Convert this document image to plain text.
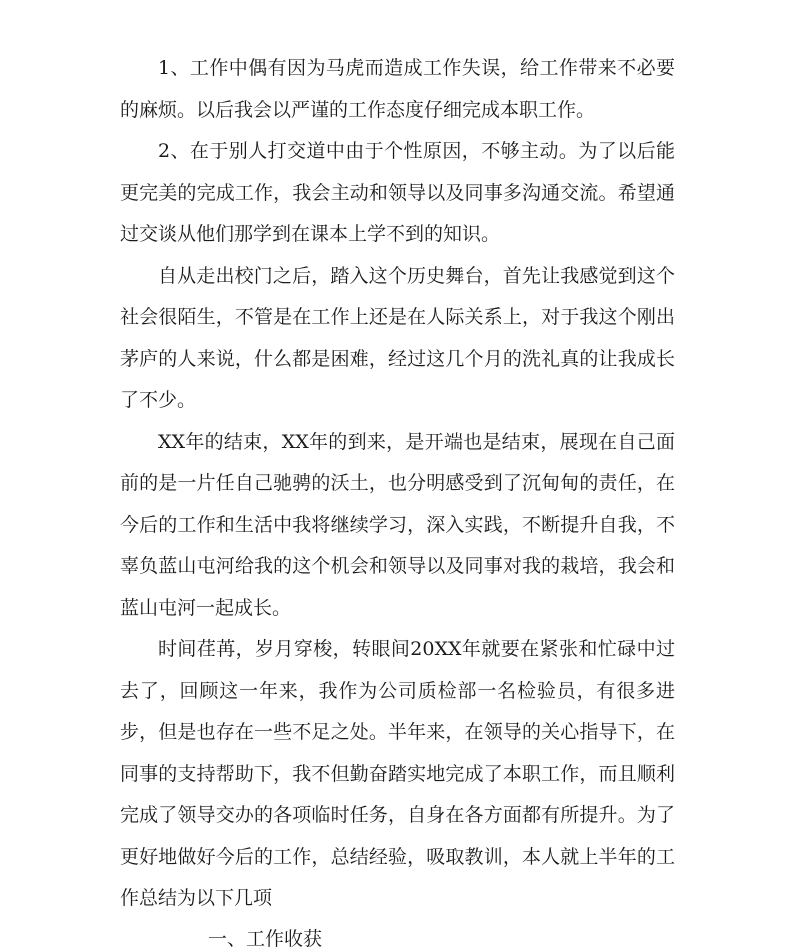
1、工作中偶有因为马虎而造成工作失误，给工作带来不必要的麻烦。以后我会以严谨的工作态度仔细完成本职工作。

2、在于别人打交道中由于个性原因，不够主动。为了以后能更完美的完成工作，我会主动和领导以及同事多沟通交流。希望通过交谈从他们那学到在课本上学不到的知识。

自从走出校门之后，踏入这个历史舞台，首先让我感觉到这个社会很陌生，不管是在工作上还是在人际关系上，对于我这个刚出茅庐的人来说，什么都是困难，经过这几个月的洗礼真的让我成长了不少。

XX年的结束，XX年的到来，是开端也是结束，展现在自己面前的是一片任自己驰骋的沃土，也分明感受到了沉甸甸的责任，在今后的工作和生活中我将继续学习，深入实践，不断提升自我，不辜负蓝山屯河给我的这个机会和领导以及同事对我的栽培，我会和蓝山屯河一起成长。

时间荏苒，岁月穿梭，转眼间20XX年就要在紧张和忙碌中过去了，回顾这一年来，我作为公司质检部一名检验员，有很多进步，但是也存在一些不足之处。半年来，在领导的关心指导下，在同事的支持帮助下，我不但勤奋踏实地完成了本职工作，而且顺利完成了领导交办的各项临时任务，自身在各方面都有所提升。为了更好地做好今后的工作，总结经验，吸取教训，本人就上半年的工作总结为以下几项

一、工作收获
